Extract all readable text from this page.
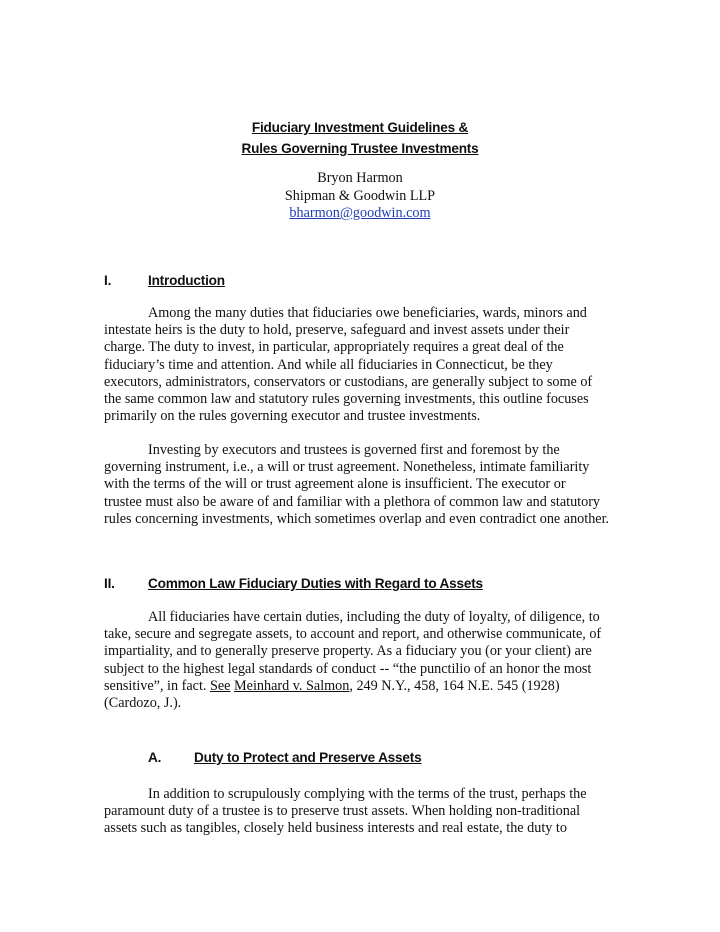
Fiduciary Investment Guidelines &
Rules Governing Trustee Investments
Bryon Harmon
Shipman & Goodwin LLP
bharmon@goodwin.com
I.	Introduction
Among the many duties that fiduciaries owe beneficiaries, wards, minors and
intestate heirs is the duty to hold, preserve, safeguard and invest assets under their
charge. The duty to invest, in particular, appropriately requires a great deal of the
fiduciary’s time and attention. And while all fiduciaries in Connecticut, be they
executors, administrators, conservators or custodians, are generally subject to some of
the same common law and statutory rules governing investments, this outline focuses
primarily on the rules governing executor and trustee investments.
Investing by executors and trustees is governed first and foremost by the
governing instrument, i.e., a will or trust agreement. Nonetheless, intimate familiarity
with the terms of the will or trust agreement alone is insufficient. The executor or
trustee must also be aware of and familiar with a plethora of common law and statutory
rules concerning investments, which sometimes overlap and even contradict one another.
II. Common Law Fiduciary Duties with Regard to Assets
All fiduciaries have certain duties, including the duty of loyalty, of diligence, to
take, secure and segregate assets, to account and report, and otherwise communicate, of
impartiality, and to generally preserve property. As a fiduciary you (or your client) are
subject to the highest legal standards of conduct -- “the punctilio of an honor the most
sensitive”, in fact. See Meinhard v. Salmon, 249 N.Y., 458, 164 N.E. 545 (1928)
(Cardozo, J.).
A. Duty to Protect and Preserve Assets
In addition to scrupulously complying with the terms of the trust, perhaps the
paramount duty of a trustee is to preserve trust assets. When holding non-traditional
assets such as tangibles, closely held business interests and real estate, the duty to
